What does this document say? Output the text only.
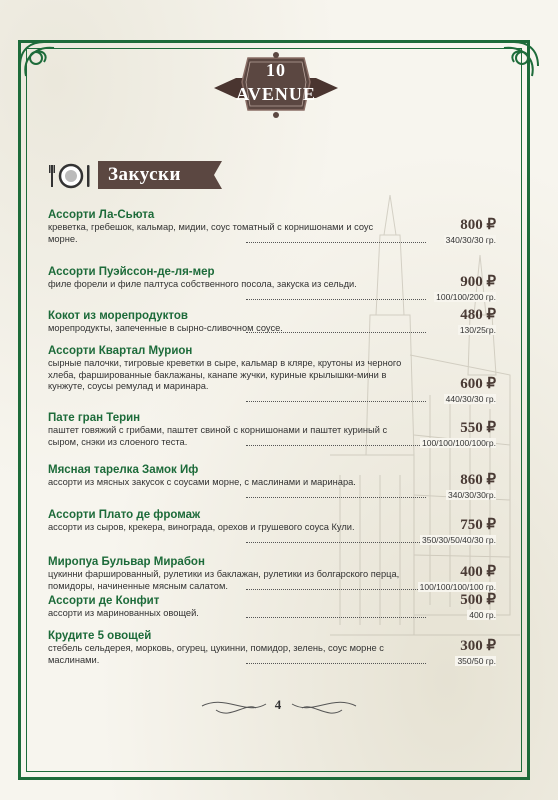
10
AVENUE
Закуски
Ассорти Ла-Сьюта
креветка, гребешок, кальмар, мидии, соус томатный с корнишонами и соус морне.
800 ₽
340/30/30 гр.
Ассорти Пуэйссон-де-ля-мер
филе форели и филе палтуса собственного посола, закуска из сельди.	900 ₽
100/100/200 гр.
Кокот из морепродуктов
морепродукты, запеченные в сырно-сливочном соусе.
480 ₽
130/25гр.
Ассорти Квартал Мурион
сырные палочки, тигровые креветки в сыре, кальмар в кляре, крутоны из черного хлеба, фаршированные баклажаны, канапе жучки, куриные крылышки-мини в кунжуте, соусы ремулад и маринара.	600 ₽
440/30/30 гр.
Пате гран Терин
паштет говяжий с грибами, паштет свиной с корнишонами и паштет куриный с сыром, снэки из слоеного теста.
550 ₽
100/100/100/100гр.
Мясная тарелка Замок Иф
ассорти из мясных закусок с соусами морне, с маслинами и маринара.	860 ₽
340/30/30гр.
Ассорти Плато де фромаж
ассорти из сыров, крекера, винограда, орехов и грушевого соуса Кули.	750 ₽
350/30/50/40/30 гр.
Миропуа Бульвар Мирабон
цукинни фаршированный, рулетики из баклажан, рулетики из болгарского перца, помидоры, начиненные мясным салатом.
400 ₽
100/100/100/100 гр.
Ассорти де Конфит
ассорти из маринованных овощей.
500 ₽
400 гр.
Крудите 5 овощей
стебель сельдерея, морковь, огурец, цукинни, помидор, зелень, соус морне с маслинами.
300 ₽
350/50 гр.
4
